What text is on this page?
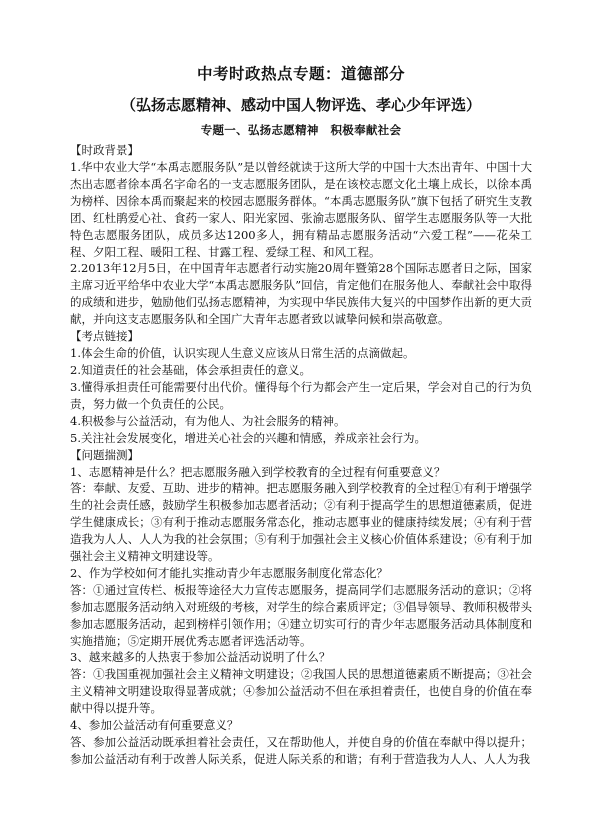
中考时政热点专题：道德部分
（弘扬志愿精神、感动中国人物评选、孝心少年评选）
专题一、弘扬志愿精神　积极奉献社会
【时政背景】

1.华中农业大学“本禹志愿服务队”是以曾经就读于这所大学的中国十大杰出青年、中国十大杰出志愿者徐本禹名字命名的一支志愿服务团队，是在该校志愿文化土壤上成长，以徐本禹为榜样、因徐本禹而聚起来的校园志愿服务群体。“本禹志愿服务队”旗下包括了研究生支教团、红杜鹃爱心社、食药一家人、阳光家园、张渝志愿服务队、留学生志愿服务队等一大批特色志愿服务团队，成员多达1200多人，拥有精品志愿服务活动“六爱工程”——花朵工程、夕阳工程、暖阳工程、甘露工程、爱绿工程、和风工程。

2.2013年12月5日，在中国青年志愿者行动实施20周年暨第28个国际志愿者日之际，国家主席习近平给华中农业大学“本禹志愿服务队”回信，肯定他们在服务他人、奉献社会中取得的成绩和进步，勉励他们弘扬志愿精神，为实现中华民族伟大复兴的中国梦作出新的更大贡献，并向这支志愿服务队和全国广大青年志愿者致以诚挚问候和崇高敬意。

【考点链接】

1.体会生命的价值，认识实现人生意义应该从日常生活的点滴做起。

2.知道责任的社会基础，体会承担责任的意义。

3.懂得承担责任可能需要付出代价。懂得每个行为都会产生一定后果，学会对自己的行为负责，努力做一个负责任的公民。

4.积极参与公益活动，有为他人、为社会服务的精神。

5.关注社会发展变化，增进关心社会的兴趣和情感，养成亲社会行为。

【问题揣测】

1、志愿精神是什么？把志愿服务融入到学校教育的全过程有何重要意义？

答：奉献、友爱、互助、进步的精神。把志愿服务融入到学校教育的全过程①有利于增强学生的社会责任感，鼓励学生积极参加志愿者活动；②有利于提高学生的思想道德素质，促进学生健康成长；③有利于推动志愿服务常态化，推动志愿事业的健康持续发展；④有利于营造我为人人、人人为我的社会氛围；⑤有利于加强社会主义核心价值体系建设；⑥有利于加强社会主义精神文明建设等。

2、作为学校如何才能扎实推动青少年志愿服务制度化常态化？

答：①通过宣传栏、板报等途径大力宣传志愿服务，提高同学们志愿服务活动的意识；②将参加志愿服务活动纳入对班级的考核，对学生的综合素质评定；③倡导领导、教师积极带头参加志愿服务活动，起到榜样引领作用；④建立切实可行的青少年志愿服务活动具体制度和实施措施；⑤定期开展优秀志愿者评选活动等。

3、越来越多的人热衷于参加公益活动说明了什么？

答：①我国重视加强社会主义精神文明建设；②我国人民的思想道德素质不断提高；③社会主义精神文明建设取得显著成就；④参加公益活动不但在承担着责任，也使自身的价值在奉献中得以提升等。

4、参加公益活动有何重要意义？

答、参加公益活动既承担着社会责任，又在帮助他人，并使自身的价值在奉献中得以提升；参加公益活动有利于改善人际关系，促进人际关系的和谐；有利于营造我为人人、人人为我
